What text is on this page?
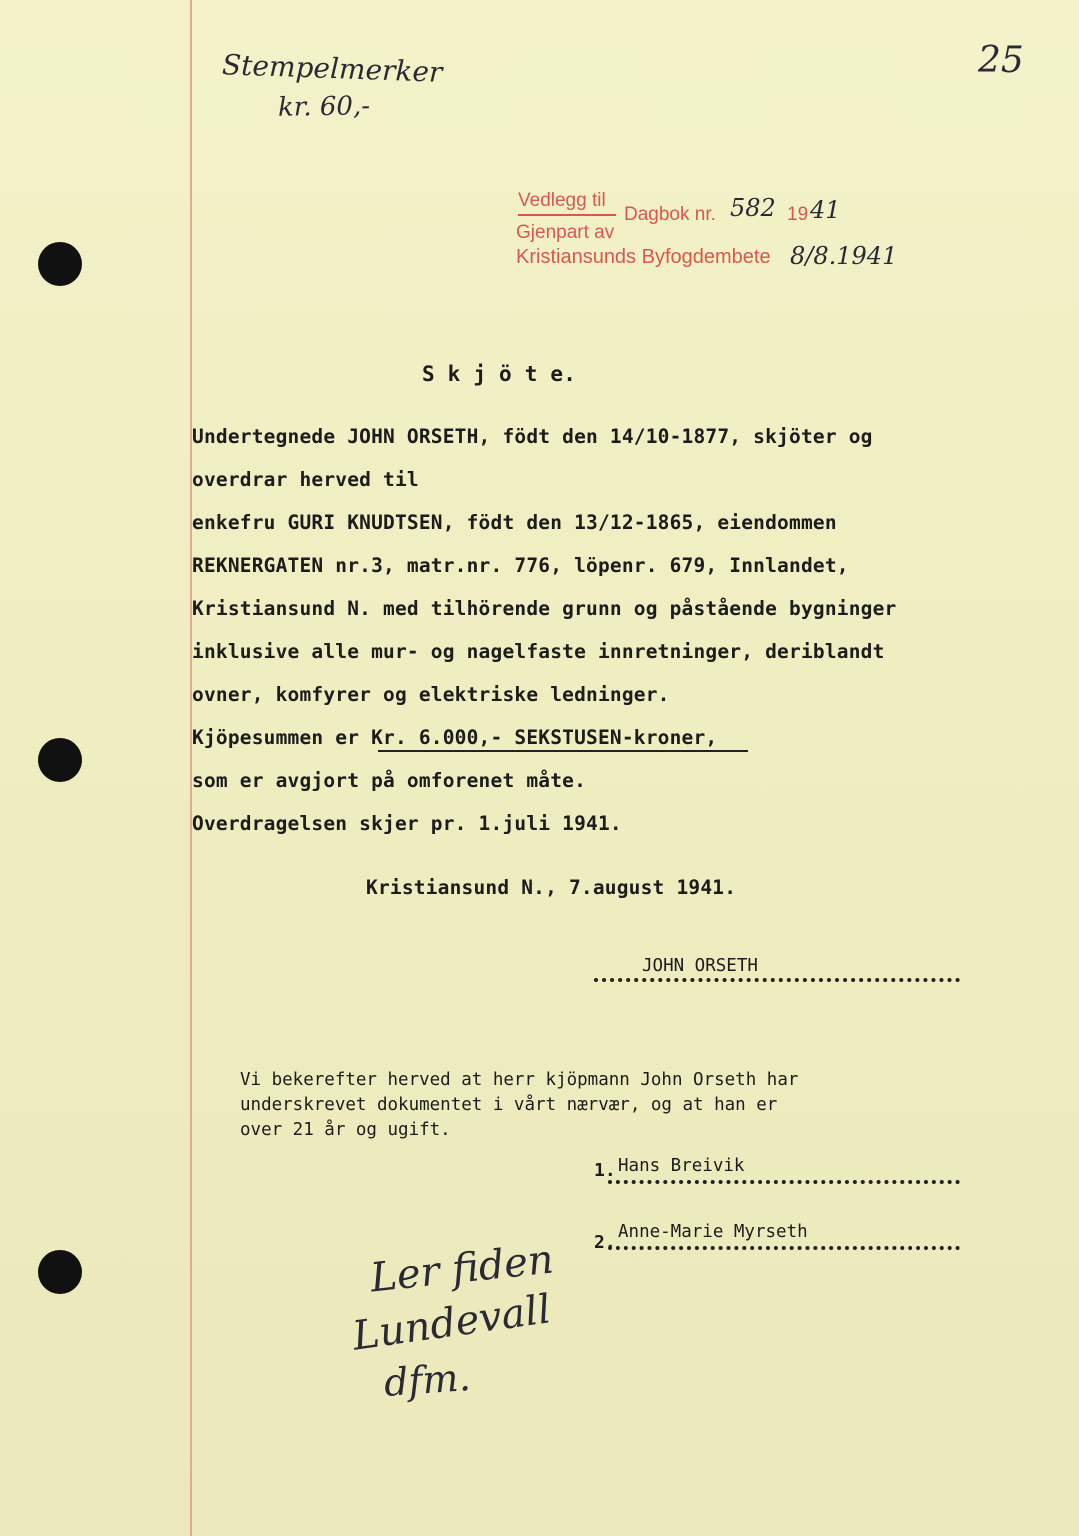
Stempelmerker
kr. 60,-
25
Vedlegg til
Dagbok nr. 582 19 41
Gjenpart av
Kristiansunds Byfogdembete 8/8.1941
S k j ö t e.
Undertegnede JOHN ORSETH, födt den 14/10-1877, skjöter og
overdrar herved til
enkefru GURI KNUDTSEN, födt den 13/12-1865, eiendommen
REKNERGATEN nr.3, matr.nr. 776, löpenr. 679, Innlandet,
Kristiansund N. med tilhörende grunn og påstående bygninger
inklusive alle mur- og nagelfaste innretninger, deriblandt
ovner, komfyrer og elektriske ledninger.
Kjöpesummen er Kr. 6.000,- SEKSTUSEN-kroner,
som er avgjort på omforenet måte.
Overdragelsen skjer pr. 1.juli 1941.
Kristiansund N., 7.august 1941.
JOHN ORSETH
Vi bekerefter herved at herr kjöpmann John Orseth har
underskrevet dokumentet i vårt nærvær, og at han er
over 21 år og ugift.
1. Hans Breivik
2. Anne-Marie Myrseth
Ler fiden
Lundevall
dfm.
